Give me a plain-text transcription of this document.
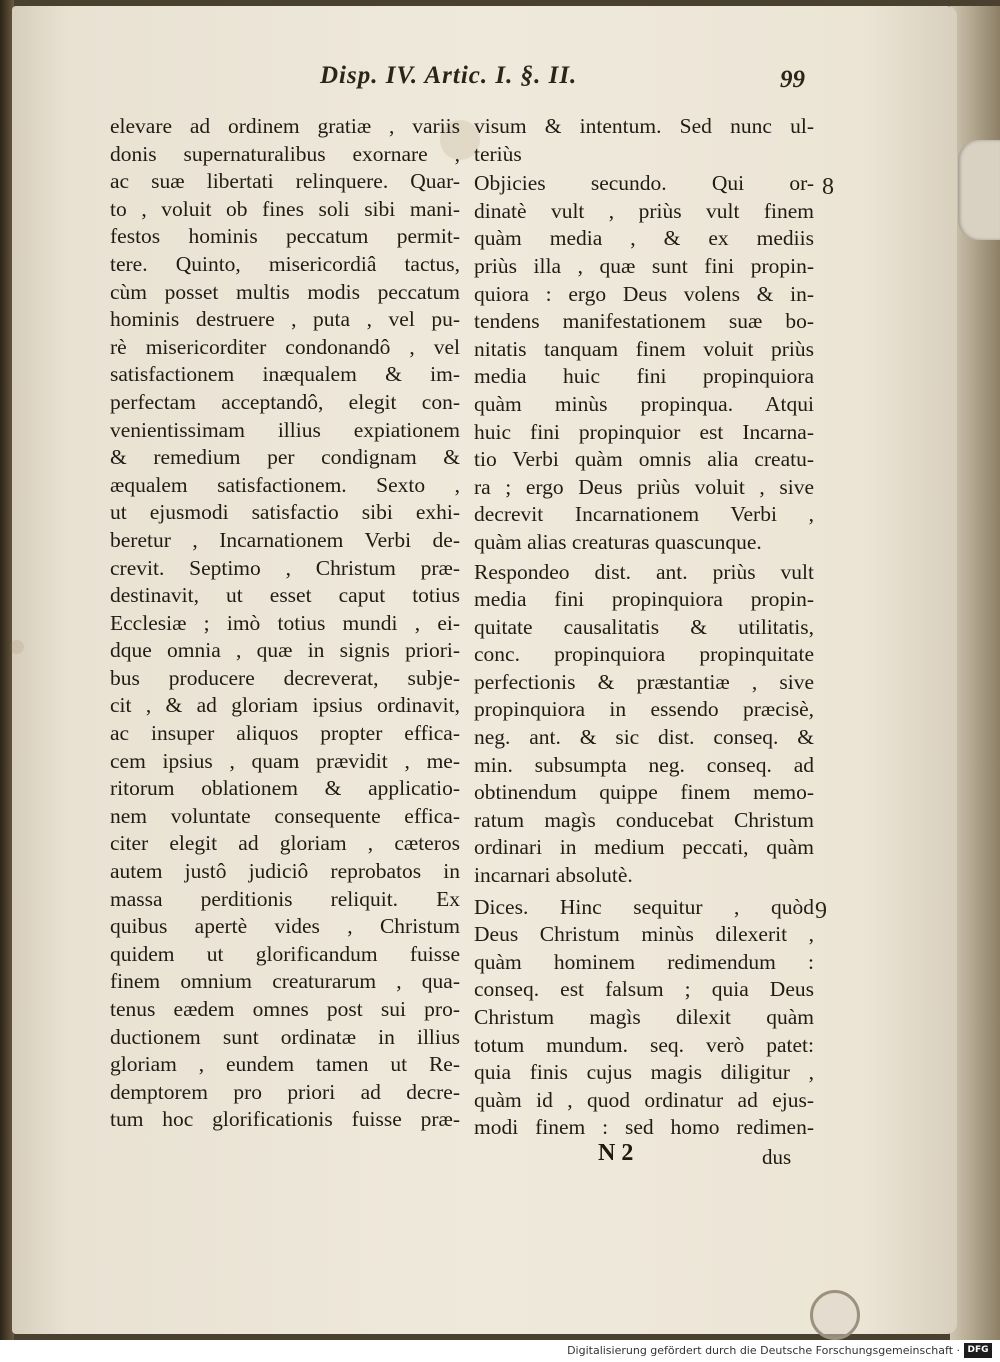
Disp. IV. Artic. I. §. II.	99
elevare ad ordinem gratiæ , variis
donis supernaturalibus exornare ,
ac suæ libertati relinquere. Quar-
to , voluit ob fines soli sibi mani-
festos hominis peccatum permit-
tere. Quinto, misericordiâ tactus,
cùm posset multis modis peccatum
hominis destruere , puta , vel pu-
rè misericorditer condonandô , vel
satisfactionem inæqualem & im-
perfectam acceptandô, elegit con-
venientissimam illius expiationem
& remedium per condignam &
æqualem satisfactionem. Sexto ,
ut ejusmodi satisfactio sibi exhi-
beretur , Incarnationem Verbi de-
crevit. Septimo , Christum præ-
destinavit, ut esset caput totius
Ecclesiæ ; imò totius mundi , ei-
dque omnia , quæ in signis priori-
bus producere decreverat, subje-
cit , & ad gloriam ipsius ordinavit,
ac insuper aliquos propter effica-
cem ipsius , quam prævidit , me-
ritorum oblationem & applicatio-
nem voluntate consequente effica-
citer elegit ad gloriam , cæteros
autem justô judiciô reprobatos in
massa perditionis reliquit. Ex
quibus apertè vides , Christum
quidem ut glorificandum fuisse
finem omnium creaturarum , qua-
tenus eædem omnes post sui pro-
ductionem sunt ordinatæ in illius
gloriam , eundem tamen ut Re-
demptorem pro priori ad decre-
tum hoc glorificationis fuisse præ-
visum & intentum. Sed nunc ul-
teriùs
Objicies secundo. Qui or-
dinatè vult , priùs vult finem
quàm media , & ex mediis
priùs illa , quæ sunt fini propin-
quiora : ergo Deus volens & in-
tendens manifestationem suæ bo-
nitatis tanquam finem voluit priùs
media huic fini propinquiora
quàm minùs propinqua. Atqui
huic fini propinquior est Incarna-
tio Verbi quàm omnis alia creatu-
ra ; ergo Deus priùs voluit , sive
decrevit Incarnationem Verbi ,
quàm alias creaturas quascunque.
Respondeo dist. ant. priùs vult
media fini propinquiora propin-
quitate causalitatis & utilitatis,
conc. propinquiora propinquitate
perfectionis & præstantiæ , sive
propinquiora in essendo præcisè,
neg. ant. & sic dist. conseq. &
min. subsumpta neg. conseq. ad
obtinendum quippe finem memo-
ratum magìs conducebat Christum
ordinari in medium peccati, quàm
incarnari absolutè.
Dices. Hinc sequitur , quòd
Deus Christum minùs dilexerit ,
quàm hominem redimendum :
conseq. est falsum ; quia Deus
Christum magìs dilexit quàm
totum mundum. seq. verò patet:
quia finis cujus magis diligitur ,
quàm id , quod ordinatur ad ejus-
modi finem : sed homo redimen-
8
9
N 2	dus
Digitalisierung gefördert durch die Deutsche Forschungsgemeinschaft · DFG
